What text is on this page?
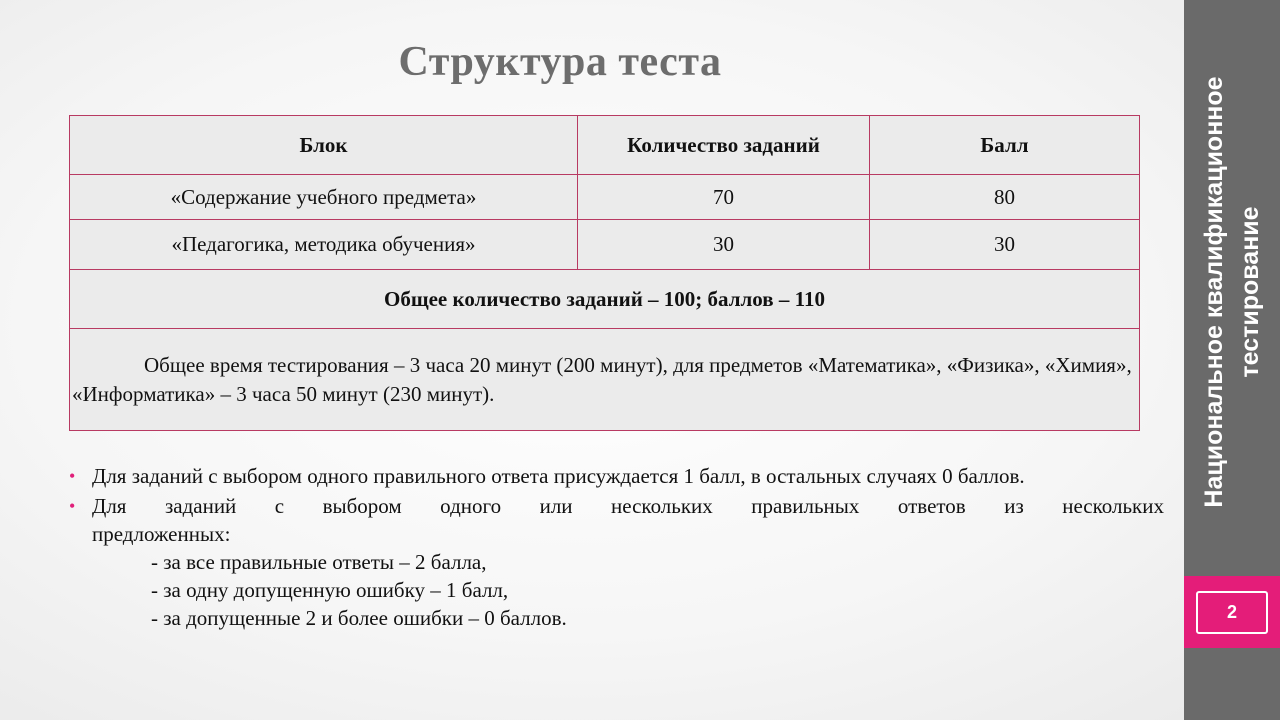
Структура теста
Блок	Количество заданий	Балл
«Содержание учебного предмета»	70	80
«Педагогика, методика обучения»	30	30
Общее количество заданий – 100; баллов – 110		
Общее время тестирования – 3 часа 20 минут (200 минут), для предметов «Математика», «Физика», «Химия», «Информатика» – 3 часа 50 минут (230 минут).		
• Для заданий с выбором одного правильного ответа присуждается 1 балл, в остальных случаях 0 баллов.
• Для заданий с выбором одного или нескольких правильных ответов из нескольких
предложенных:
- за все правильные ответы – 2 балла,
- за одну допущенную ошибку – 1 балл,
- за допущенные 2 и более ошибки – 0 баллов.
Национальное квалификационное тестирование
2
